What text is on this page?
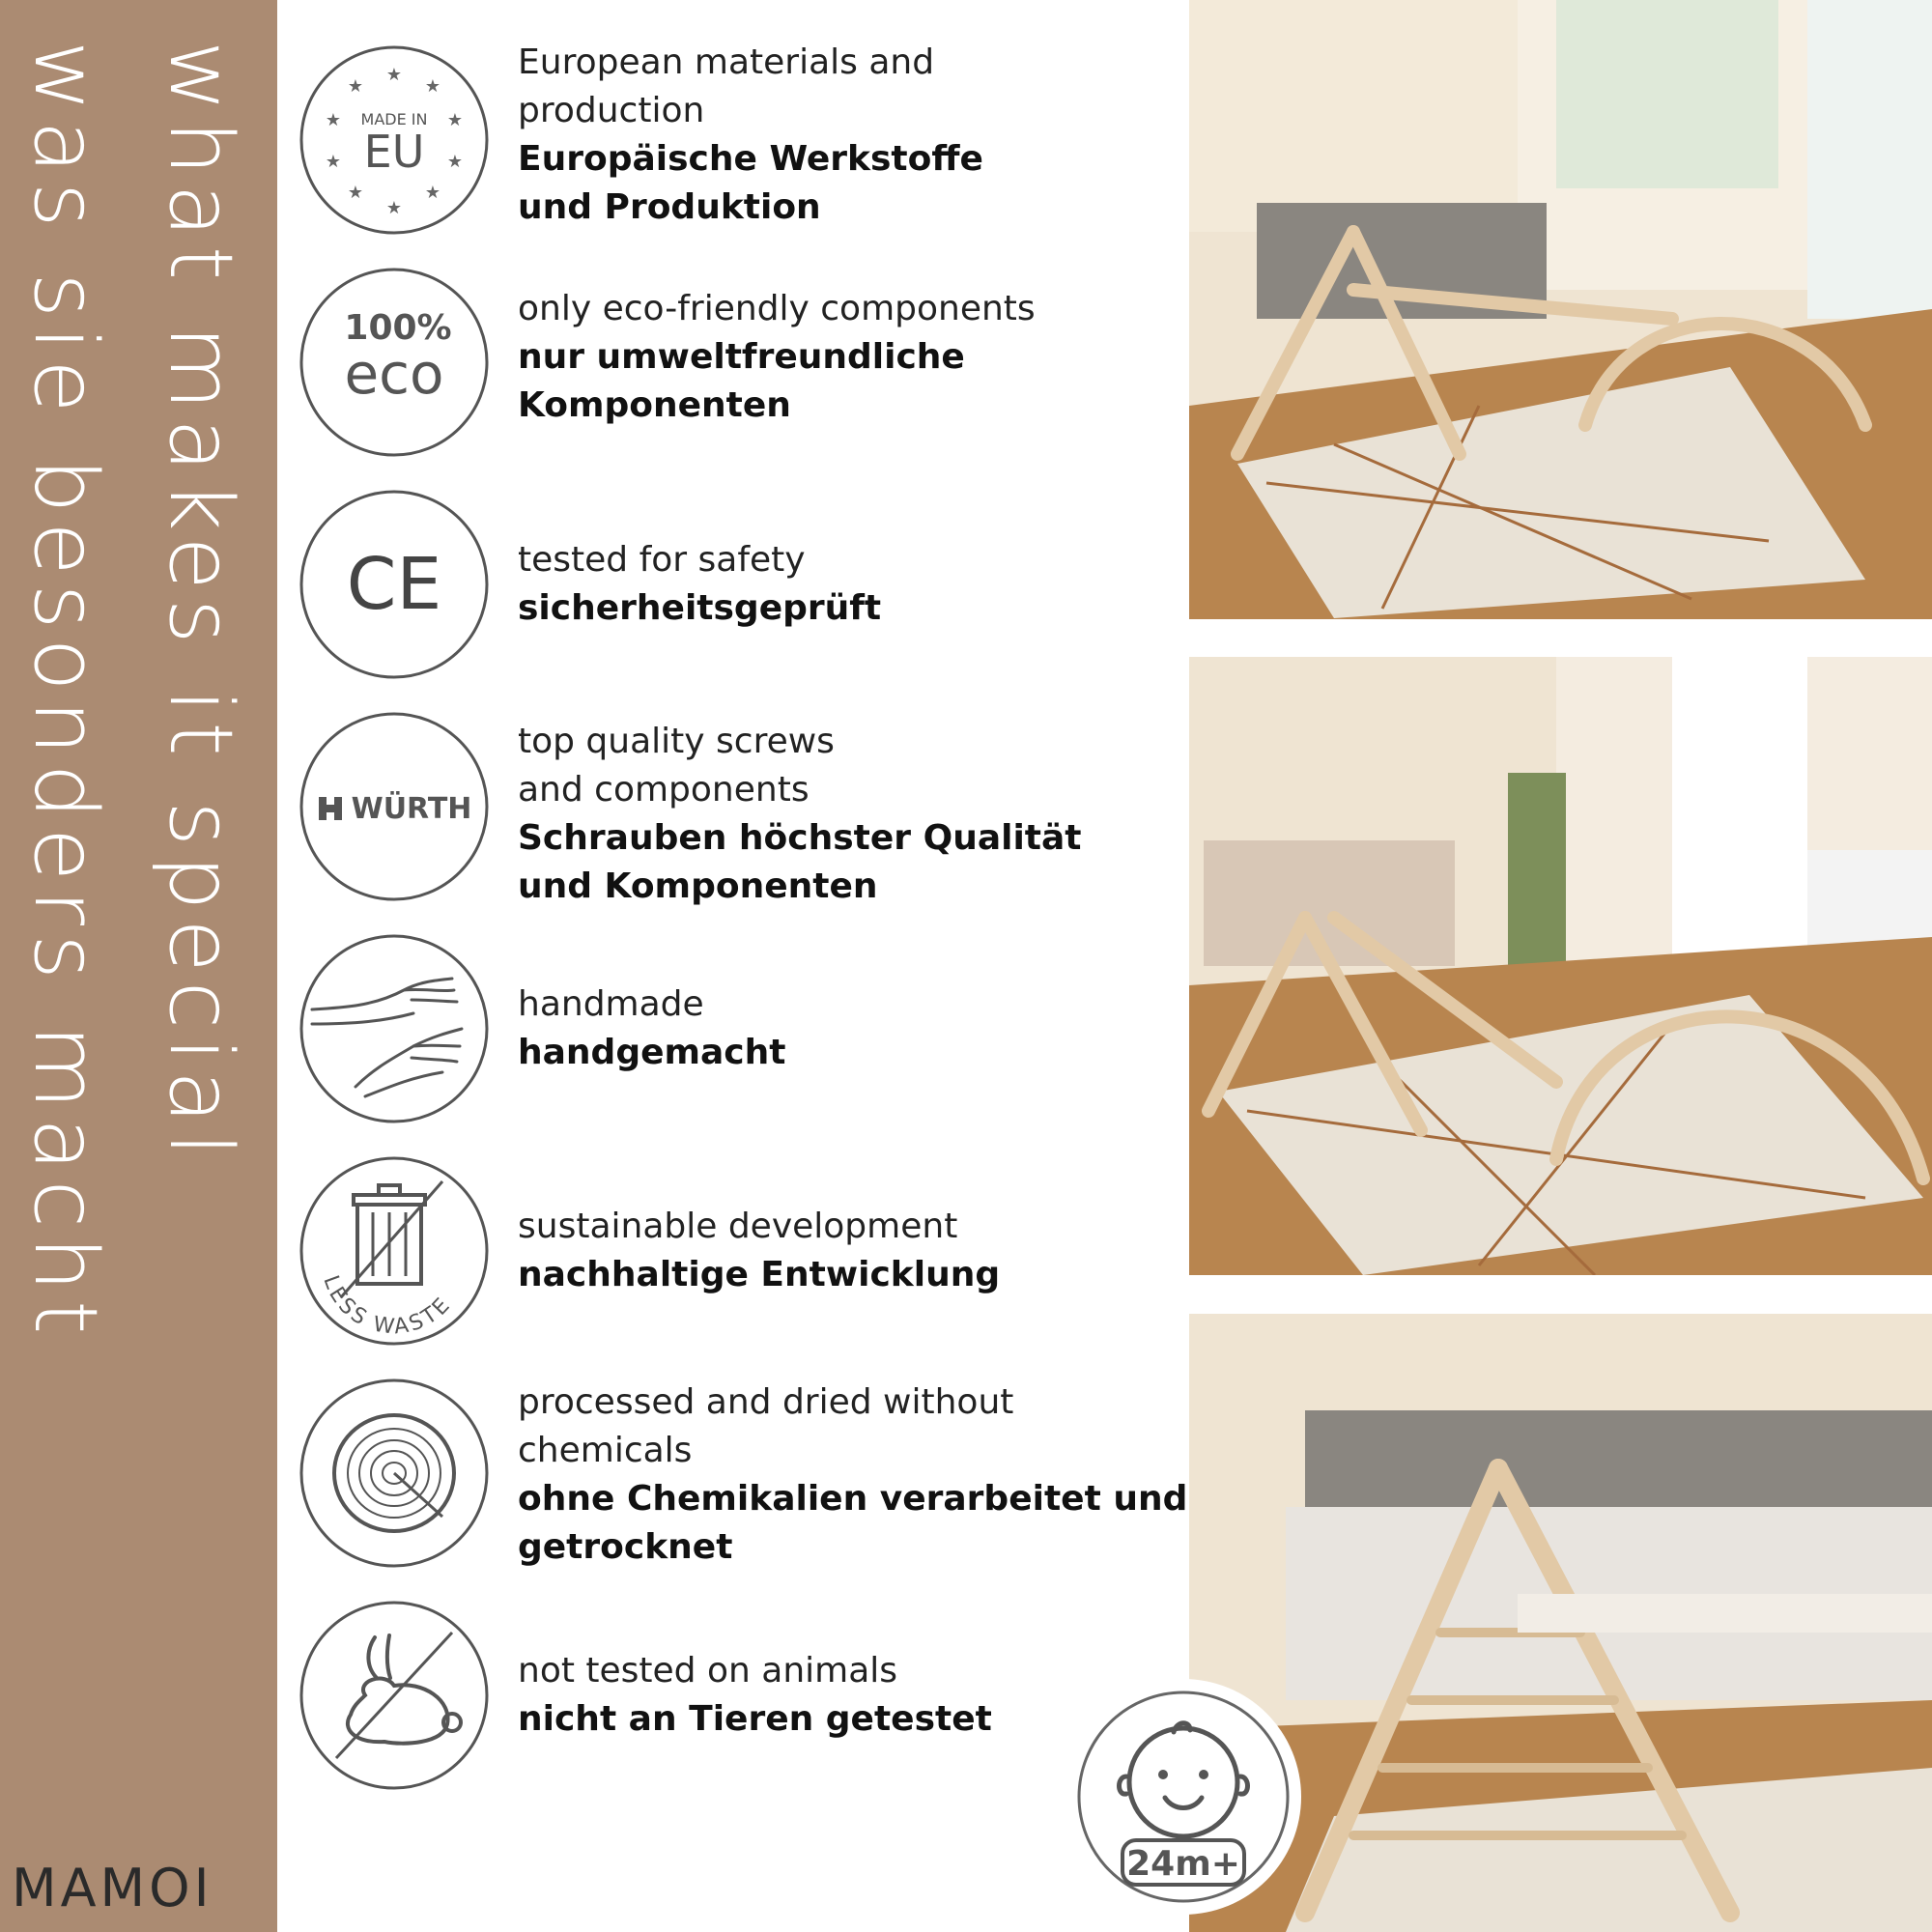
what makes it special
was sie besonders macht
MAMOI
★
★
★
★
★
★
★
★
★
★
MADE IN
EU
European materials and
production
Europäische Werkstoffe
und Produktion
100%
eco
only eco-friendly components
nur umweltfreundliche
Komponenten
CE tested for safety
sicherheitsgeprüft
WÜRTH
top quality screws
and components
Schrauben höchster Qualität
und Komponenten
handmade
handgemacht
LESS WASTE
sustainable development
nachhaltige Entwicklung
processed and dried without
chemicals
ohne Chemikalien verarbeitet und
getrocknet
not tested on animals
nicht an Tieren getestet
24m+
